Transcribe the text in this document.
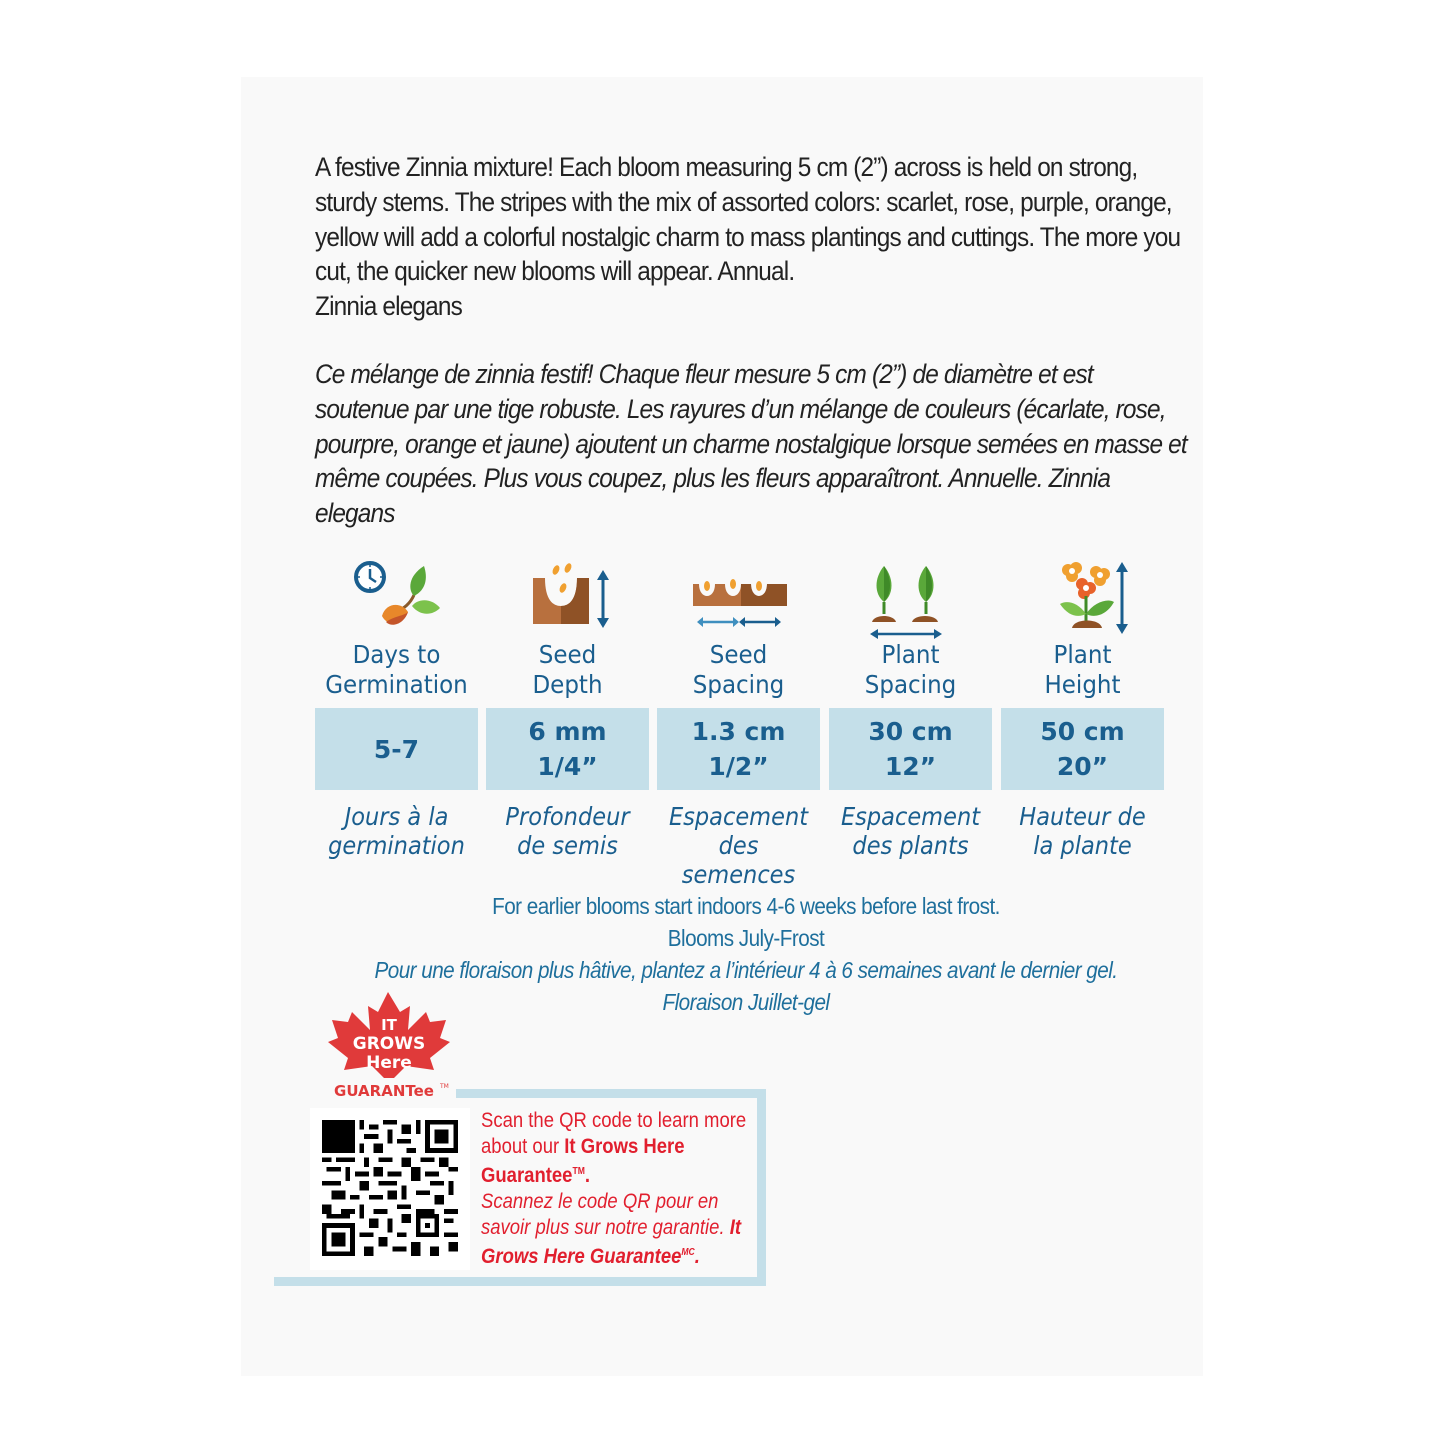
A festive Zinnia mixture! Each bloom measuring 5 cm (2”) across is held on strong, sturdy stems. The stripes with the mix of assorted colors: scarlet, rose, purple, orange, yellow will add a colorful nostalgic charm to mass plantings and cuttings. The more you cut, the quicker new blooms will appear. Annual.
Zinnia elegans

Ce mélange de zinnia festif! Chaque fleur mesure 5 cm (2”) de diamètre et est soutenue par une tige robuste. Les rayures d’un mélange de couleurs (écarlate, rose, pourpre, orange et jaune) ajoutent un charme nostalgique lorsque semées en masse et même coupées. Plus vous coupez, plus les fleurs apparaîtront. Annuelle. Zinnia elegans

Days to
Germination
Seed
Depth
Seed
Spacing
Plant
Spacing
Plant
Height
5-7
6 mm
1/4”
1.3 cm
1/2”
30 cm
12”
50 cm
20”
Jours à la
germination
Profondeur
de semis
Espacement
des semences
Espacement
des plants
Hauteur de
la plante
For earlier blooms start indoors 4-6 weeks before last frost.
Blooms July-Frost
Pour une floraison plus hâtive, plantez a l’intérieur 4 à 6 semaines avant le dernier gel.
Floraison Juillet-gel
IT
GROWS
Here
GUARANTee TM
Scan the QR code to learn more about our It Grows Here Guarantee™.
Scannez le code QR pour en savoir plus sur notre garantie. It Grows Here Guarantee$^{MC}$.
